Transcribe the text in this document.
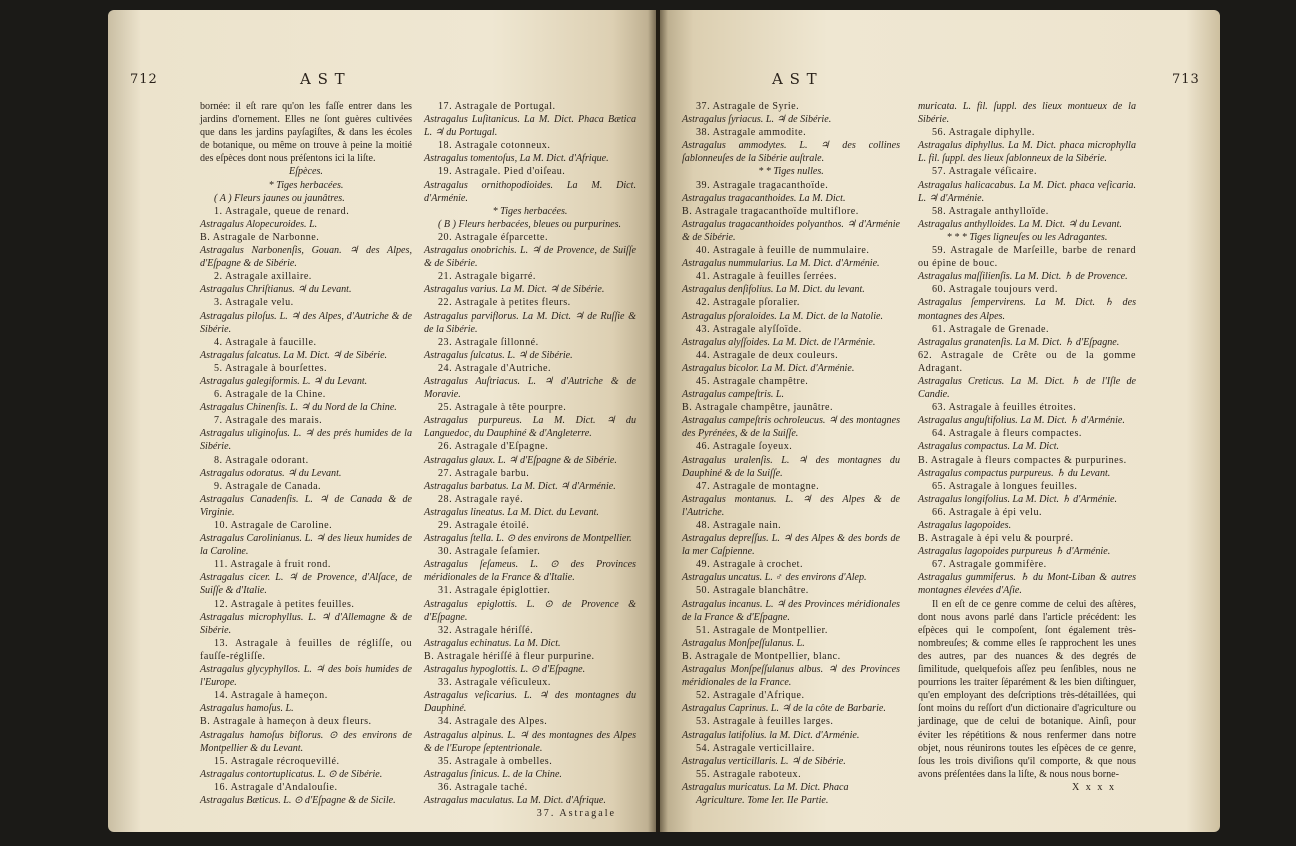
712	A S T

bornée: il eſt rare qu'on les faſſe entrer dans les jardins d'ornement. Elles ne ſont guères cultivées que dans les jardins payſagiſtes, & dans les écoles de botanique, ou même on trouve à peine la moitié des eſpèces dont nous préſentons ici la liſte.

Eſpèces.

* Tiges herbacées.

( A ) Fleurs jaunes ou jaunâtres.

1. Astragale, queue de renard.

Astragalus Alopecuroides. L.

B. Astragale de Narbonne.

Astragalus Narbonenſis, Gouan. ♃ des Alpes, d'Eſpagne & de Sibérie.

2. Astragale axillaire.

Astragalus Chriſtianus. ♃ du Levant.

3. Astragale velu.

Astragalus piloſus. L. ♃ des Alpes, d'Autriche & de Sibérie.

4. Astragale à faucille.

Astragalus falcatus. La M. Dict. ♃ de Sibérie.

5. Astragale à bourſettes.

Astragalus galegiformis. L. ♃ du Levant.

6. Astragale de la Chine.

Astragalus Chinenſis. L. ♃ du Nord de la Chine.

7. Astragale des marais.

Astragalus uliginoſus. L. ♃ des prés humides de la Sibérie.

8. Astragale odorant.

Astragalus odoratus. ♃ du Levant.

9. Astragale de Canada.

Astragalus Canadenſis. L. ♃ de Canada & de Virginie.

10. Astragale de Caroline.

Astragalus Carolinianus. L. ♃ des lieux humides de la Caroline.

11. Astragale à fruit rond.

Astragalus cicer. L. ♃ de Provence, d'Alſace, de Suiſſe & d'Italie.

12. Astragale à petites feuilles.

Astragalus microphyllus. L. ♃ d'Allemagne & de Sibérie.

13. Astragale à feuilles de régliſſe, ou fauſſe-régliſſe.

Astragalus glycyphyllos. L. ♃ des bois humides de l'Europe.

14. Astragale à hameçon.

Astragalus hamoſus. L.

B. Astragale à hameçon à deux fleurs.

Astragalus hamoſus biflorus. ⊙ des environs de Montpellier & du Levant.

15. Astragale récroquevillé.

Astragalus contortuplicatus. L. ⊙ de Sibérie.

16. Astragale d'Andalouſie.

Astragalus Bæticus. L. ⊙ d'Eſpagne & de Sicile.

17. Astragale de Portugal.

Astragalus Luſitanicus. La M. Dict. Phaca Bætica L. ♃ du Portugal.

18. Astragale cotonneux.

Astragalus tomentoſus, La M. Dict. d'Afrique.

19. Astragale. Pied d'oiſeau.

Astragalus ornithopodioides. La M. Dict. d'Arménie.

* Tiges herbacées.

( B ) Fleurs herbacées, bleues ou purpurines.

20. Astragale éſparcette.

Astragalus onobrichis. L. ♃ de Provence, de Suiſſe & de Sibérie.

21. Astragale bigarré.

Astragalus varius. La M. Dict. ♃ de Sibérie.

22. Astragale à petites fleurs.

Astragalus parviflorus. La M. Dict. ♃ de Ruſſie & de la Sibérie.

23. Astragale ſillonné.

Astragalus ſulcatus. L. ♃ de Sibérie.

24. Astragale d'Autriche.

Astragalus Auſtriacus. L. ♃ d'Autriche & de Moravie.

25. Astragale à tête pourpre.

Astragalus purpureus. La M. Dict. ♃ du Languedoc, du Dauphiné & d'Angleterre.

26. Astragale d'Eſpagne.

Astragalus glaux. L. ♃ d'Eſpagne & de Sibérie.

27. Astragale barbu.

Astragalus barbatus. La M. Dict. ♃ d'Arménie.

28. Astragale rayé.

Astragalus lineatus. La M. Dict. du Levant.

29. Astragale étoilé.

Astragalus ſtella. L. ⊙ des environs de Montpellier.

30. Astragale ſeſamier.

Astragalus ſeſameus. L. ⊙ des Provinces méridionales de la France & d'Italie.

31. Astragale épiglottier.

Astragalus epiglottis. L. ⊙ de Provence & d'Eſpagne.

32. Astragale hériſſé.

Astragalus echinatus. La M. Dict.

B. Astragale hériſſé à fleur purpurine.

Astragalus hypoglottis. L. ⊙ d'Eſpagne.

33. Astragale véſiculeux.

Astragalus veſicarius. L. ♃ des montagnes du Dauphiné.

34. Astragale des Alpes.

Astragalus alpinus. L. ♃ des montagnes des Alpes & de l'Europe ſeptentrionale.

35. Astragale à ombelles.

Astragalus ſinicus. L. de la Chine.

36. Astragale taché.

Astragalus maculatus. La M. Dict. d'Afrique.

37. Astragale

A S T	713

37. Astragale de Syrie.

Astragalus ſyriacus. L. ♃ de Sibérie.

38. Astragale ammodite.

Astragalus ammodytes. L. ♃ des collines ſablonneuſes de la Sibérie auſtrale.

* * Tiges nulles.

39. Astragale tragacanthoïde.

Astragalus tragacanthoides. La M. Dict.

B. Astragale tragacanthoïde multiflore.

Astragalus tragacanthoides polyanthos. ♃ d'Arménie & de Sibérie.

40. Astragale à feuille de nummulaire.

Astragalus nummularius. La M. Dict. d'Arménie.

41. Astragale à feuilles ſerrées.

Astragalus denſifolius. La M. Dict. du levant.

42. Astragale pſoralier.

Astragalus pſoraloides. La M. Dict. de la Natolie.

43. Astragale alyſſoïde.

Astragalus alyſſoides. La M. Dict. de l'Arménie.

44. Astragale de deux couleurs.

Astragalus bicolor. La M. Dict. d'Arménie.

45. Astragale champêtre.

Astragalus campeſtris. L.

B. Astragale champêtre, jaunâtre.

Astragalus campeſtris ochroleucus. ♃ des montagnes des Pyrénées, & de la Suiſſe.

46. Astragale ſoyeux.

Astragalus uralenſis. L. ♃ des montagnes du Dauphiné & de la Suiſſe.

47. Astragale de montagne.

Astragalus montanus. L. ♃ des Alpes & de l'Autriche.

48. Astragale nain.

Astragalus depreſſus. L. ♃ des Alpes & des bords de la mer Caſpienne.

49. Astragale à crochet.

Astragalus uncatus. L. ♂ des environs d'Alep.

50. Astragale blanchâtre.

Astragalus incanus. L. ♃ des Provinces méridionales de la France & d'Eſpagne.

51. Astragale de Montpellier.

Astragalus Monſpeſſulanus. L.

B. Astragale de Montpellier, blanc.

Astragalus Monſpeſſulanus albus. ♃ des Provinces méridionales de la France.

52. Astragale d'Afrique.

Astragalus Caprinus. L. ♃ de la côte de Barbarie.

53. Astragale à feuilles larges.

Astragalus latifolius. la M. Dict. d'Arménie.

54. Astragale verticillaire.

Astragalus verticillaris. L. ♃ de Sibérie.

55. Astragale raboteux.

Astragalus muricatus. La M. Dict. Phaca

Agriculture. Tome Ier. IIe Partie.

muricata. L. fil. ſuppl. des lieux montueux de la Sibérie.

56. Astragale diphylle.

Astragalus diphyllus. La M. Dict. phaca microphylla L. fil. ſuppl. des lieux ſablonneux de la Sibérie.

57. Astragale véſicaire.

Astragalus halicacabus. La M. Dict. phaca veſicaria. L. ♃ d'Arménie.

58. Astragale anthylloïde.

Astragalus anthylloides. La M. Dict. ♃ du Levant.

* * * Tiges ligneuſes ou les Adragantes.

59. Astragale de Marſeille, barbe de renard ou épine de bouc.

Astragalus maſſilienſis. La M. Dict. ♄ de Provence.

60. Astragale toujours verd.

Astragalus ſempervirens. La M. Dict. ♄ des montagnes des Alpes.

61. Astragale de Grenade.

Astragalus granatenſis. La M. Dict. ♄ d'Eſpagne.

62. Astragale de Crête ou de la gomme Adragant.

Astragalus Creticus. La M. Dict. ♄ de l'Iſle de Candie.

63. Astragale à feuilles étroites.

Astragalus anguſtifolius. La M. Dict. ♄ d'Arménie.

64. Astragale à fleurs compactes.

Astragalus compactus. La M. Dict.

B. Astragale à fleurs compactes & purpurines.

Astragalus compactus purpureus. ♄ du Levant.

65. Astragale à longues feuilles.

Astragalus longifolius. La M. Dict. ♄ d'Arménie.

66. Astragale à épi velu.

Astragalus lagopoides.

B. Astragale à épi velu & pourpré.

Astragalus lagopoides purpureus ♄ d'Arménie.

67. Astragale gommifère.

Astragalus gummiferus. ♄ du Mont-Liban & autres montagnes élevées d'Aſie.

Il en eſt de ce genre comme de celui des aſtères, dont nous avons parlé dans l'article précédent: les eſpèces qui le compoſent, ſont également très-nombreuſes; & comme elles ſe rapprochent les unes des autres, par des nuances & des degrés de ſimilitude, quelquefois aſſez peu ſenſibles, nous ne pourrions les traiter ſéparément & les bien diſtinguer, qu'en employant des deſcriptions très-détaillées, qui ſont moins du reſſort d'un dictionaire d'agriculture ou jardinage, que de celui de botanique. Ainſi, pour éviter les répétitions & nous renfermer dans notre objet, nous réunirons toutes les eſpèces de ce genre, ſous les trois diviſions qu'il comporte, & que nous avons préſentées dans la liſte, & nous nous borne-

X x x x
